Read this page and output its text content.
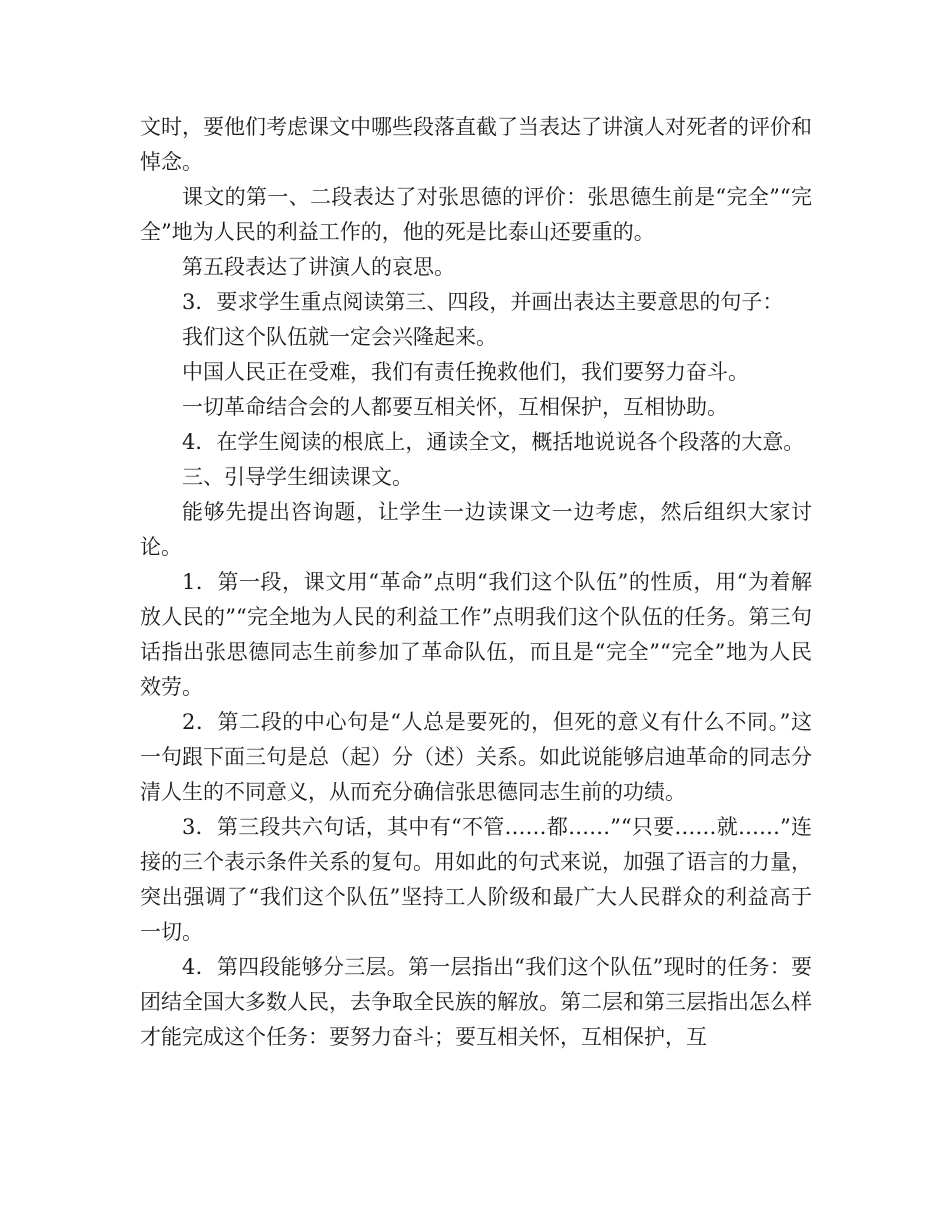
文时，要他们考虑课文中哪些段落直截了当表达了讲演人对死者的评价和悼念。

课文的第一、二段表达了对张思德的评价：张思德生前是“完全”“完全”地为人民的利益工作的，他的死是比泰山还要重的。

第五段表达了讲演人的哀思。

3．要求学生重点阅读第三、四段，并画出表达主要意思的句子：

我们这个队伍就一定会兴隆起来。

中国人民正在受难，我们有责任挽救他们，我们要努力奋斗。

一切革命结合会的人都要互相关怀，互相保护，互相协助。

4．在学生阅读的根底上，通读全文，概括地说说各个段落的大意。

三、引导学生细读课文。

能够先提出咨询题，让学生一边读课文一边考虑，然后组织大家讨论。

1．第一段，课文用“革命”点明“我们这个队伍”的性质，用“为着解放人民的”“完全地为人民的利益工作”点明我们这个队伍的任务。第三句话指出张思德同志生前参加了革命队伍，而且是“完全”“完全”地为人民效劳。

2．第二段的中心句是“人总是要死的，但死的意义有什么不同。”这一句跟下面三句是总（起）分（述）关系。如此说能够启迪革命的同志分清人生的不同意义，从而充分确信张思德同志生前的功绩。

3．第三段共六句话，其中有“不管……都……”“只要……就……”连接的三个表示条件关系的复句。用如此的句式来说，加强了语言的力量，突出强调了“我们这个队伍”坚持工人阶级和最广大人民群众的利益高于一切。

4．第四段能够分三层。第一层指出“我们这个队伍”现时的任务：要团结全国大多数人民，去争取全民族的解放。第二层和第三层指出怎么样才能完成这个任务：要努力奋斗；要互相关怀，互相保护，互
